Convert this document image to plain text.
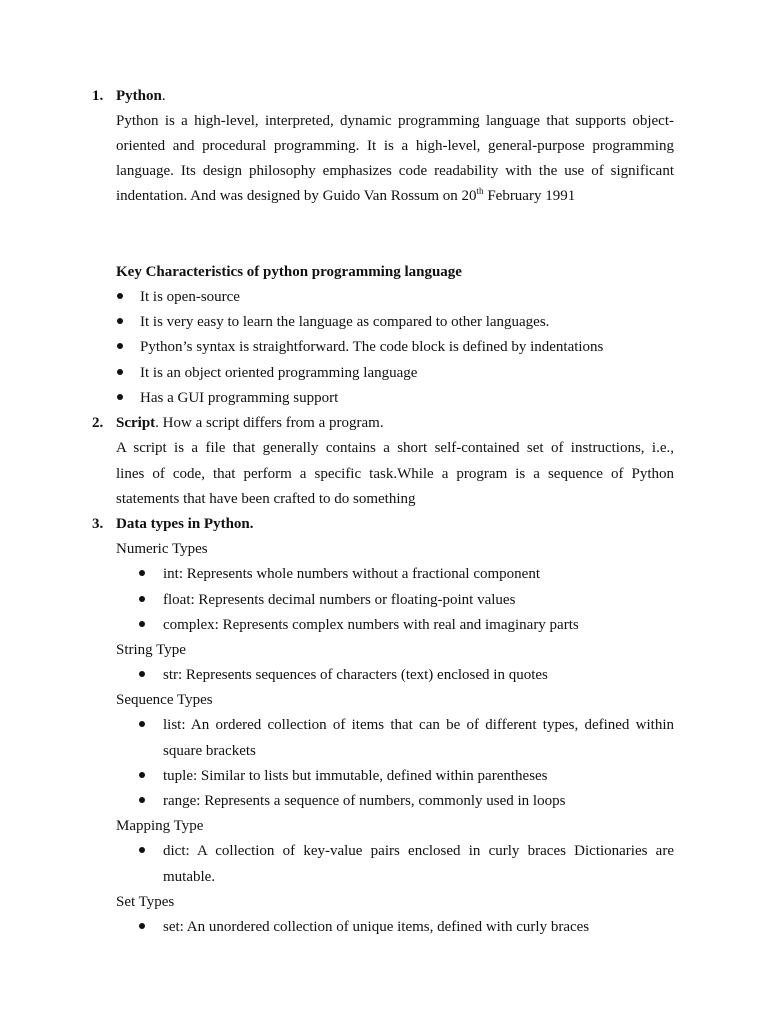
1. Python.
Python is a high-level, interpreted, dynamic programming language that supports object-
oriented and procedural programming. It is a high-level, general-purpose programming
language. Its design philosophy emphasizes code readability with the use of significant
indentation. And was designed by Guido Van Rossum on 20th February 1991
Key Characteristics of python programming language
It is open-source
It is very easy to learn the language as compared to other languages.
Python’s syntax is straightforward. The code block is defined by indentations
It is an object oriented programming language
Has a GUI programming support
2. Script. How a script differs from a program.
A script is a file that generally contains a short self-contained set of instructions, i.e.,
lines of code, that perform a specific task.While a program is a sequence of Python
statements that have been crafted to do something
3. Data types in Python.
Numeric Types
int: Represents whole numbers without a fractional component
float: Represents decimal numbers or floating-point values
complex: Represents complex numbers with real and imaginary parts
String Type
str: Represents sequences of characters (text) enclosed in quotes
Sequence Types
list: An ordered collection of items that can be of different types, defined within
square brackets
tuple: Similar to lists but immutable, defined within parentheses
range: Represents a sequence of numbers, commonly used in loops
Mapping Type
dict: A collection of key-value pairs enclosed in curly braces Dictionaries are
mutable.
Set Types
set: An unordered collection of unique items, defined with curly braces
